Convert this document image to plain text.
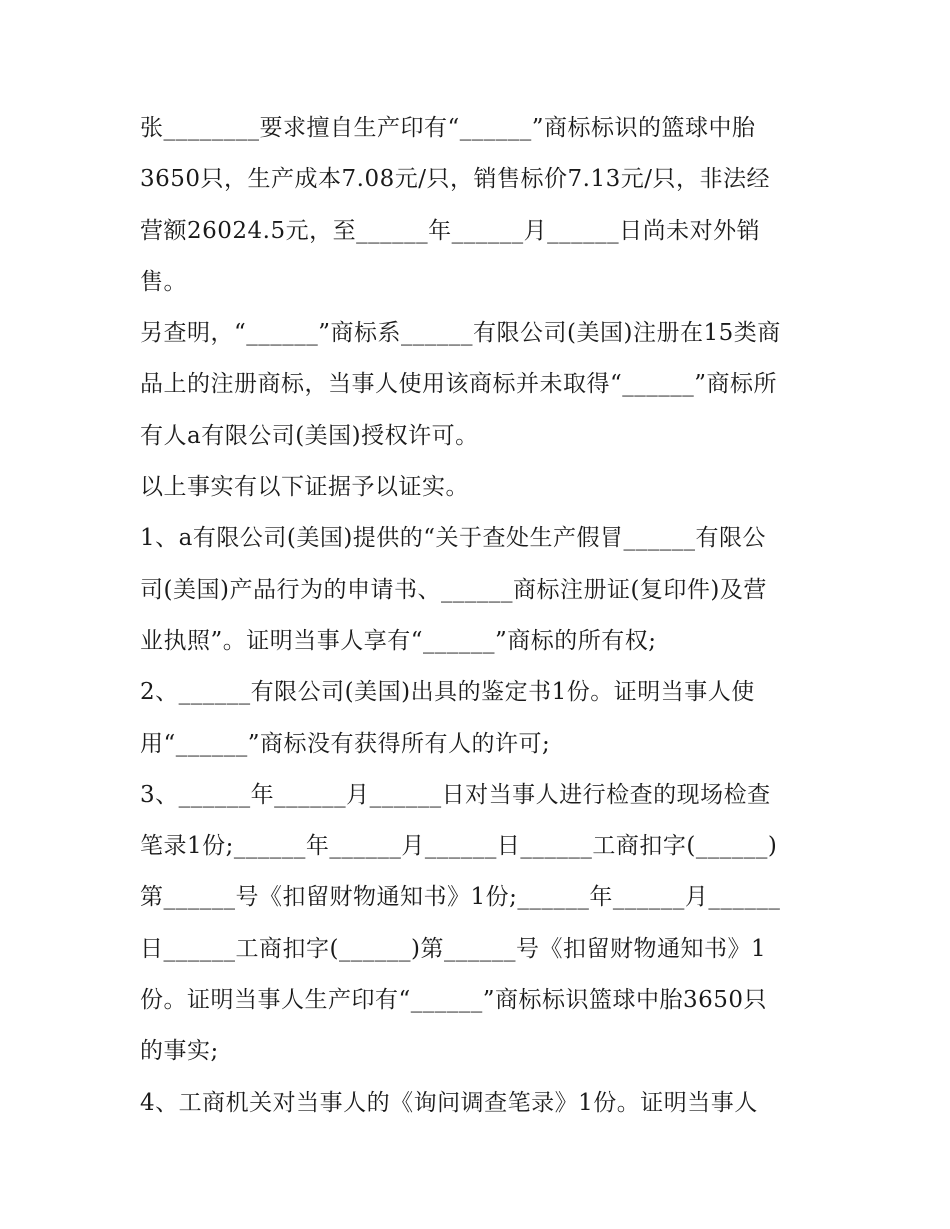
张________要求擅自生产印有“______”商标标识的篮球中胎
3650只，生产成本7.08元/只，销售标价7.13元/只，非法经
营额26024.5元，至______年______月______日尚未对外销
售。
另查明，“______”商标系______有限公司(美国)注册在15类商
品上的注册商标，当事人使用该商标并未取得“______”商标所
有人a有限公司(美国)授权许可。
以上事实有以下证据予以证实。
1、a有限公司(美国)提供的“关于查处生产假冒______有限公
司(美国)产品行为的申请书、______商标注册证(复印件)及营
业执照”。证明当事人享有“______”商标的所有权;
2、______有限公司(美国)出具的鉴定书1份。证明当事人使
用“______”商标没有获得所有人的许可;
3、______年______月______日对当事人进行检查的现场检查
笔录1份;______年______月______日______工商扣字(______)
第______号《扣留财物通知书》1份;______年______月______
日______工商扣字(______)第______号《扣留财物通知书》1
份。证明当事人生产印有“______”商标标识篮球中胎3650只
的事实;
4、工商机关对当事人的《询问调查笔录》1份。证明当事人
